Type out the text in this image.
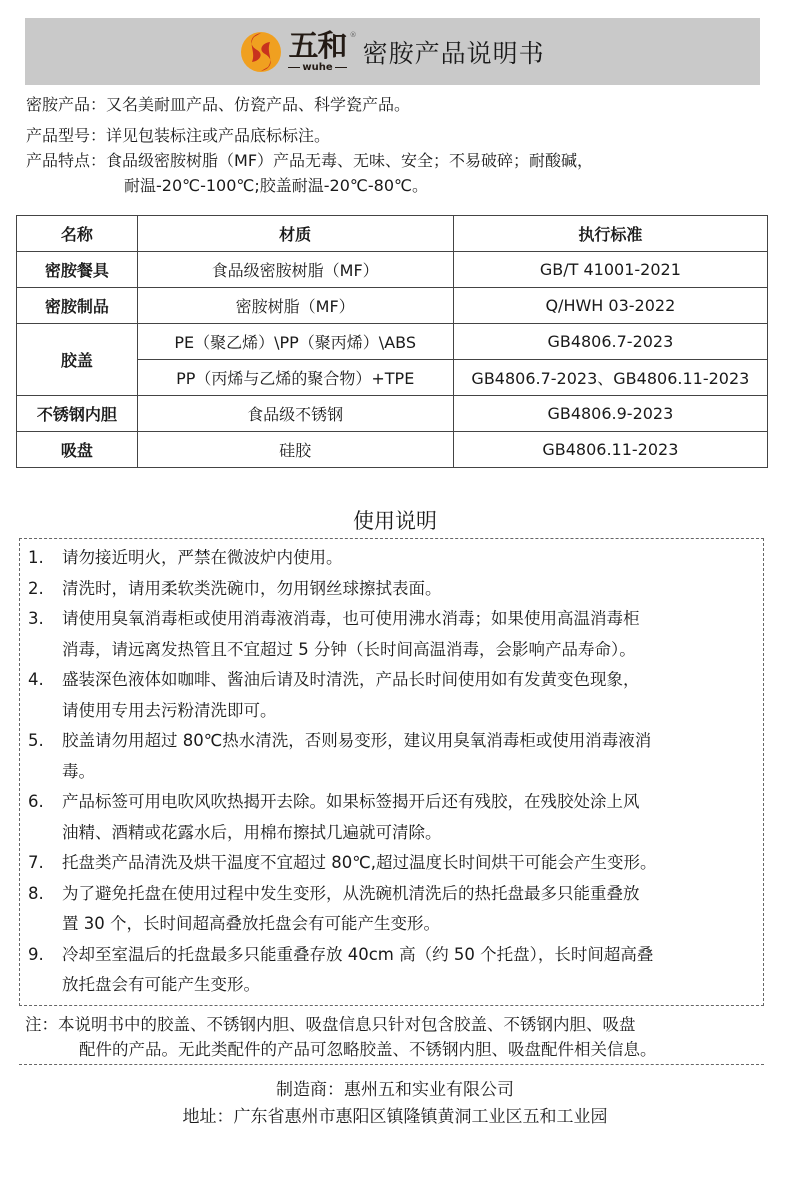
五和
wuhe
®
密胺产品说明书
密胺产品： 又名美耐皿产品、仿瓷产品、科学瓷产品。
产品型号： 详见包装标注或产品底标标注。
产品特点： 食品级密胺树脂（MF）产品无毒、无味、安全；不易破碎；耐酸碱，
耐温-20℃-100℃;胶盖耐温-20℃-80℃。
名称	材质	执行标准
密胺餐具	食品级密胺树脂（MF）	GB/T 41001-2021
密胺制品	密胺树脂（MF）	Q/HWH 03-2022
胶盖	PE（聚乙烯）\PP（聚丙烯）\ABS	GB4806.7-2023
	PP（丙烯与乙烯的聚合物）+TPE	GB4806.7-2023、GB4806.11-2023
不锈钢内胆	食品级不锈钢	GB4806.9-2023
吸盘	硅胶	GB4806.11-2023
使用说明
1.	请勿接近明火，严禁在微波炉内使用。
2.	清洗时，请用柔软类洗碗巾，勿用钢丝球擦拭表面。
3.	请使用臭氧消毒柜或使用消毒液消毒，也可使用沸水消毒；如果使用高温消毒柜
消毒，请远离发热管且不宜超过 5 分钟（长时间高温消毒，会影响产品寿命）。
4.	盛装深色液体如咖啡、酱油后请及时清洗，产品长时间使用如有发黄变色现象，
请使用专用去污粉清洗即可。
5.	胶盖请勿用超过 80℃热水清洗，否则易变形，建议用臭氧消毒柜或使用消毒液消
毒。
6.	产品标签可用电吹风吹热揭开去除。如果标签揭开后还有残胶，在残胶处涂上风
油精、酒精或花露水后，用棉布擦拭几遍就可清除。
7.	托盘类产品清洗及烘干温度不宜超过 80℃,超过温度长时间烘干可能会产生变形。
8.	为了避免托盘在使用过程中发生变形，从洗碗机清洗后的热托盘最多只能重叠放
置 30 个，长时间超高叠放托盘会有可能产生变形。
9.	冷却至室温后的托盘最多只能重叠存放 40cm 高（约 50 个托盘），长时间超高叠
放托盘会有可能产生变形。
注：本说明书中的胶盖、不锈钢内胆、吸盘信息只针对包含胶盖、不锈钢内胆、吸盘
配件的产品。无此类配件的产品可忽略胶盖、不锈钢内胆、吸盘配件相关信息。
制造商：惠州五和实业有限公司
地址：广东省惠州市惠阳区镇隆镇黄洞工业区五和工业园
